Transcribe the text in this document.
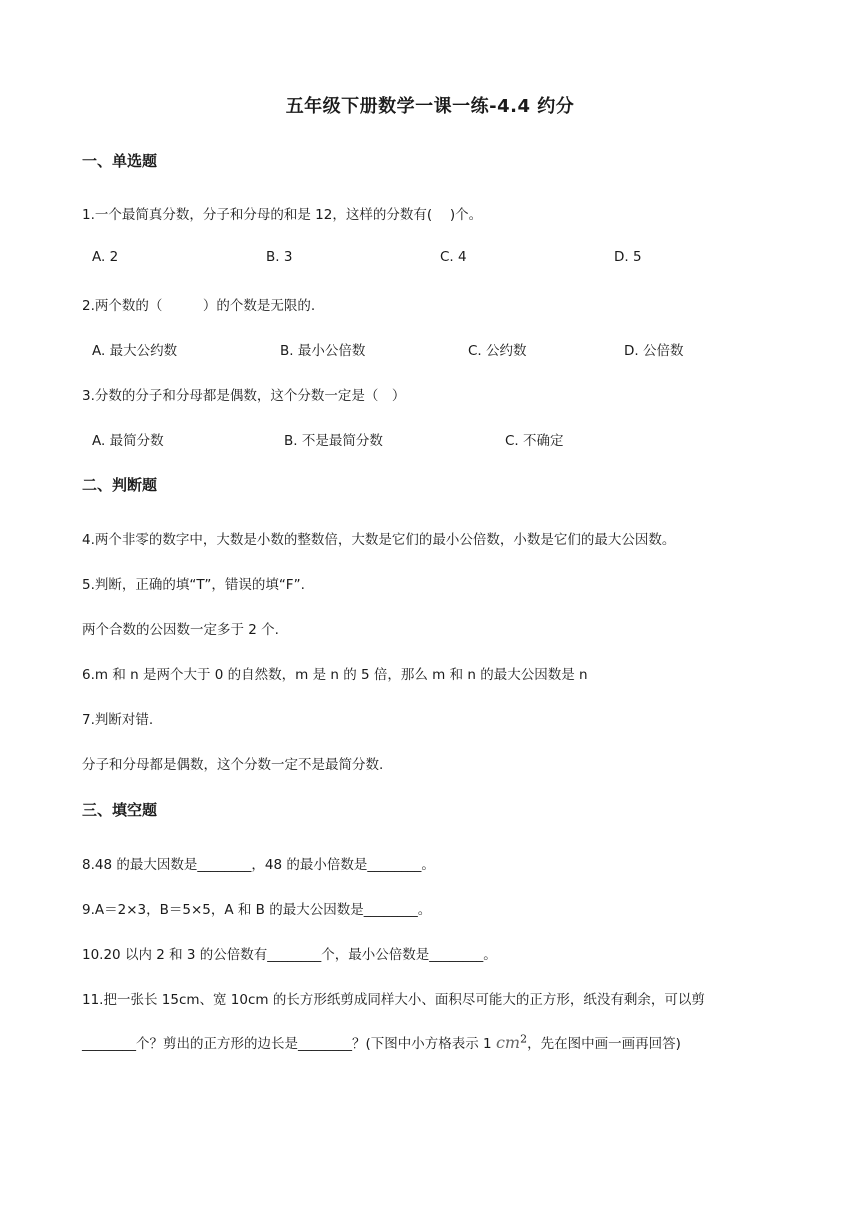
五年级下册数学一课一练-4.4 约分
一、单选题
1.一个最简真分数，分子和分母的和是 12，这样的分数有(　 )个。
A. 2	B. 3	C. 4	D. 5
2.两个数的（　　　）的个数是无限的.
A. 最大公约数	B. 最小公倍数	C. 公约数	D. 公倍数
3.分数的分子和分母都是偶数，这个分数一定是（　）
A. 最简分数	B. 不是最简分数	C. 不确定
二、判断题
4.两个非零的数字中，大数是小数的整数倍，大数是它们的最小公倍数，小数是它们的最大公因数。
5.判断，正确的填“T”，错误的填“F”.
两个合数的公因数一定多于 2 个.
6.m 和 n 是两个大于 0 的自然数，m 是 n 的 5 倍，那么 m 和 n 的最大公因数是 n
7.判断对错.
分子和分母都是偶数，这个分数一定不是最简分数.
三、填空题
8.48 的最大因数是________，48 的最小倍数是________。
9.A＝2×3，B＝5×5，A 和 B 的最大公因数是________。
10.20 以内 2 和 3 的公倍数有________个，最小公倍数是________。
11.把一张长 15cm、宽 10cm 的长方形纸剪成同样大小、面积尽可能大的正方形，纸没有剩余，可以剪
________个？剪出的正方形的边长是________？(下图中小方格表示 1 $cm^2$，先在图中画一画再回答)
